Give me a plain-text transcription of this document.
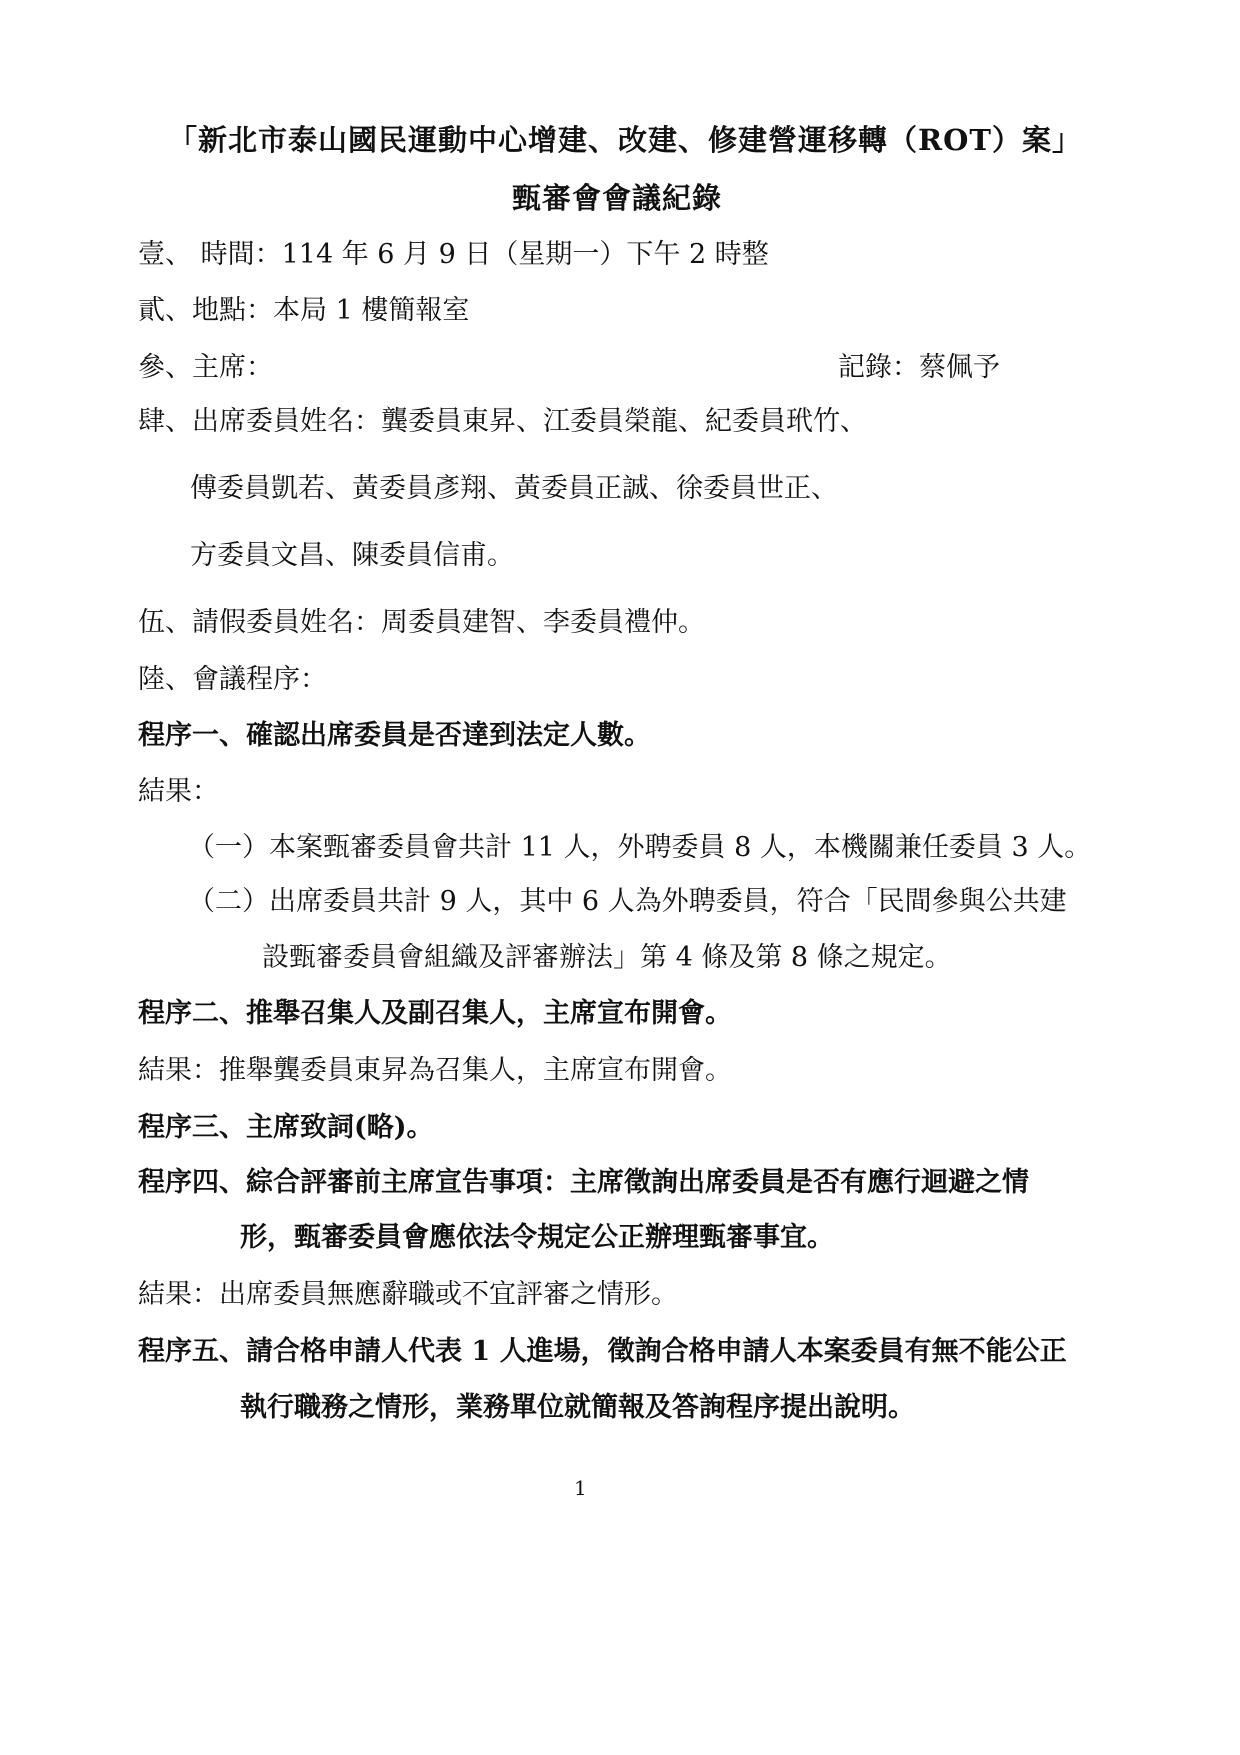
「新北市泰山國民運動中心增建、改建、修建營運移轉（ROT）案」
甄審會會議紀錄
壹、 時間：114 年 6 月 9 日（星期一）下午 2 時整
貳、地點：本局 1 樓簡報室
參、主席：	記錄：蔡佩予
肆、出席委員姓名：龔委員東昇、江委員榮龍、紀委員玳竹、
傅委員凱若、黃委員彥翔、黃委員正誠、徐委員世正、
方委員文昌、陳委員信甫。
伍、請假委員姓名：周委員建智、李委員禮仲。
陸、會議程序：
程序一、確認出席委員是否達到法定人數。
結果：
（一）本案甄審委員會共計 11 人，外聘委員 8 人，本機關兼任委員 3 人。
（二）出席委員共計 9 人，其中 6 人為外聘委員，符合「民間參與公共建
設甄審委員會組織及評審辦法」第 4 條及第 8 條之規定。
程序二、推舉召集人及副召集人，主席宣布開會。
結果：推舉龔委員東昇為召集人，主席宣布開會。
程序三、主席致詞(略)。
程序四、綜合評審前主席宣告事項：主席徵詢出席委員是否有應行迴避之情
形，甄審委員會應依法令規定公正辦理甄審事宜。
結果：出席委員無應辭職或不宜評審之情形。
程序五、請合格申請人代表 1 人進場，徵詢合格申請人本案委員有無不能公正
執行職務之情形，業務單位就簡報及答詢程序提出說明。
1
